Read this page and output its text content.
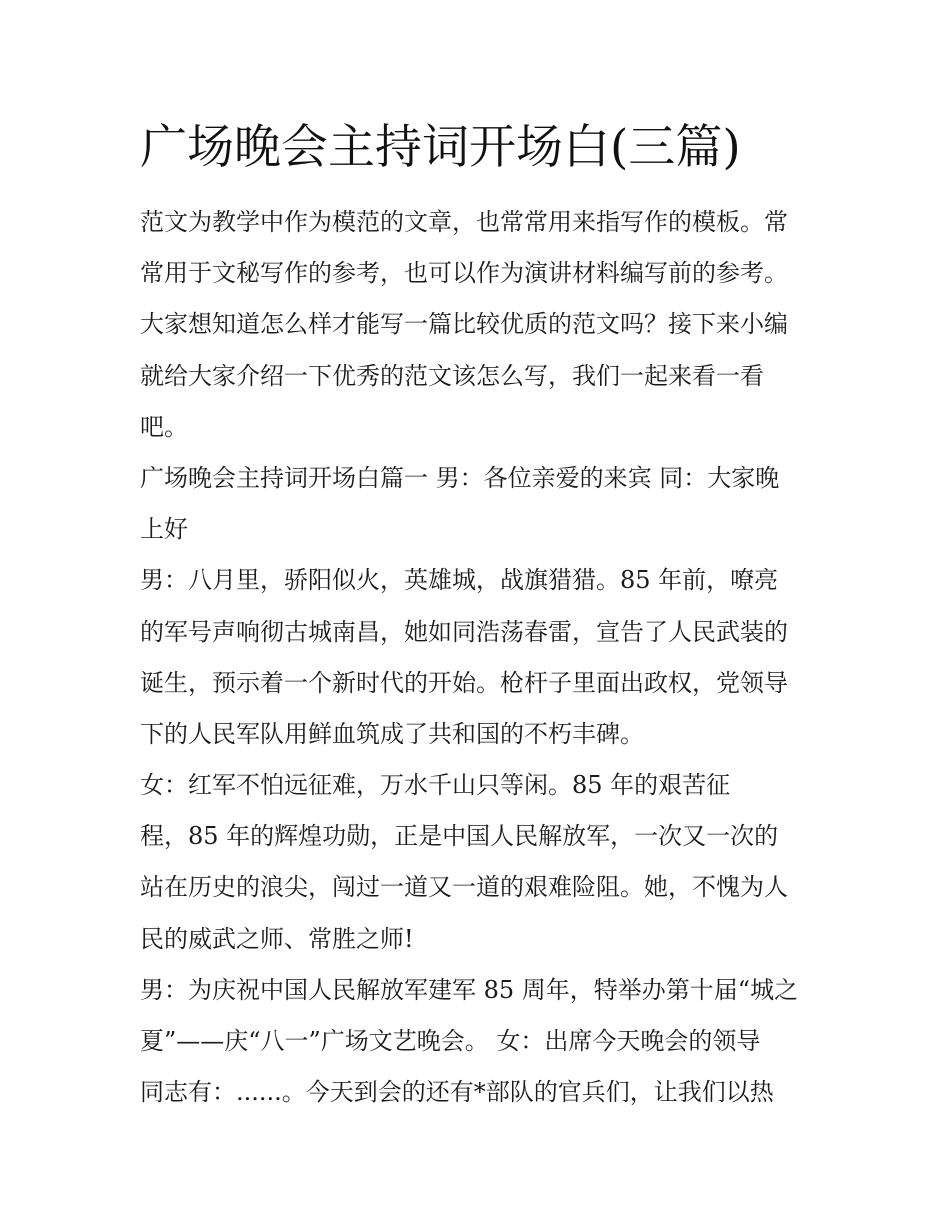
广场晚会主持词开场白(三篇)
范文为教学中作为模范的文章，也常常用来指写作的模板。常
常用于文秘写作的参考，也可以作为演讲材料编写前的参考。
大家想知道怎么样才能写一篇比较优质的范文吗？接下来小编
就给大家介绍一下优秀的范文该怎么写，我们一起来看一看
吧。
广场晚会主持词开场白篇一 男：各位亲爱的来宾 同：大家晚
上好
男：八月里，骄阳似火，英雄城，战旗猎猎。85 年前，嘹亮
的军号声响彻古城南昌，她如同浩荡春雷，宣告了人民武装的
诞生，预示着一个新时代的开始。枪杆子里面出政权，党领导
下的人民军队用鲜血筑成了共和国的不朽丰碑。
女：红军不怕远征难，万水千山只等闲。85 年的艰苦征
程，85 年的辉煌功勋，正是中国人民解放军，一次又一次的
站在历史的浪尖，闯过一道又一道的艰难险阻。她，不愧为人
民的威武之师、常胜之师!
男：为庆祝中国人民解放军建军 85 周年，特举办第十届“城之
夏”——庆“八一”广场文艺晚会。 女：出席今天晚会的领导
同志有：......。今天到会的还有*部队的官兵们，让我们以热
